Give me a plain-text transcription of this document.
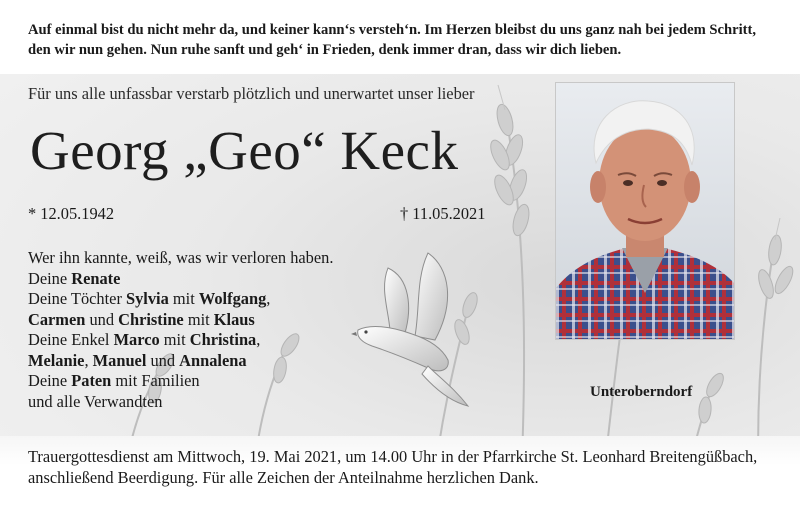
Auf einmal bist du nicht mehr da, und keiner kann‘s versteh‘n. Im Herzen bleibst du uns ganz nah bei jedem Schritt,
den wir nun gehen. Nun ruhe sanft und geh‘ in Frieden, denk immer dran, dass wir dich lieben.
Für uns alle unfassbar verstarb plötzlich und unerwartet unser lieber
Georg „Geo“ Keck
* 12.05.1942	† 11.05.2021
Wer ihn kannte, weiß, was wir verloren haben.
Deine Renate
Deine Töchter Sylvia mit Wolfgang,
Carmen und Christine mit Klaus
Deine Enkel Marco mit Christina,
Melanie, Manuel und Annalena
Deine Paten mit Familien
und alle Verwandten	Unteroberndorf
Trauergottesdienst am Mittwoch, 19. Mai 2021, um 14.00 Uhr in der Pfarrkirche St. Leonhard Breitengüßbach,
anschließend Beerdigung. Für alle Zeichen der Anteilnahme herzlichen Dank.
